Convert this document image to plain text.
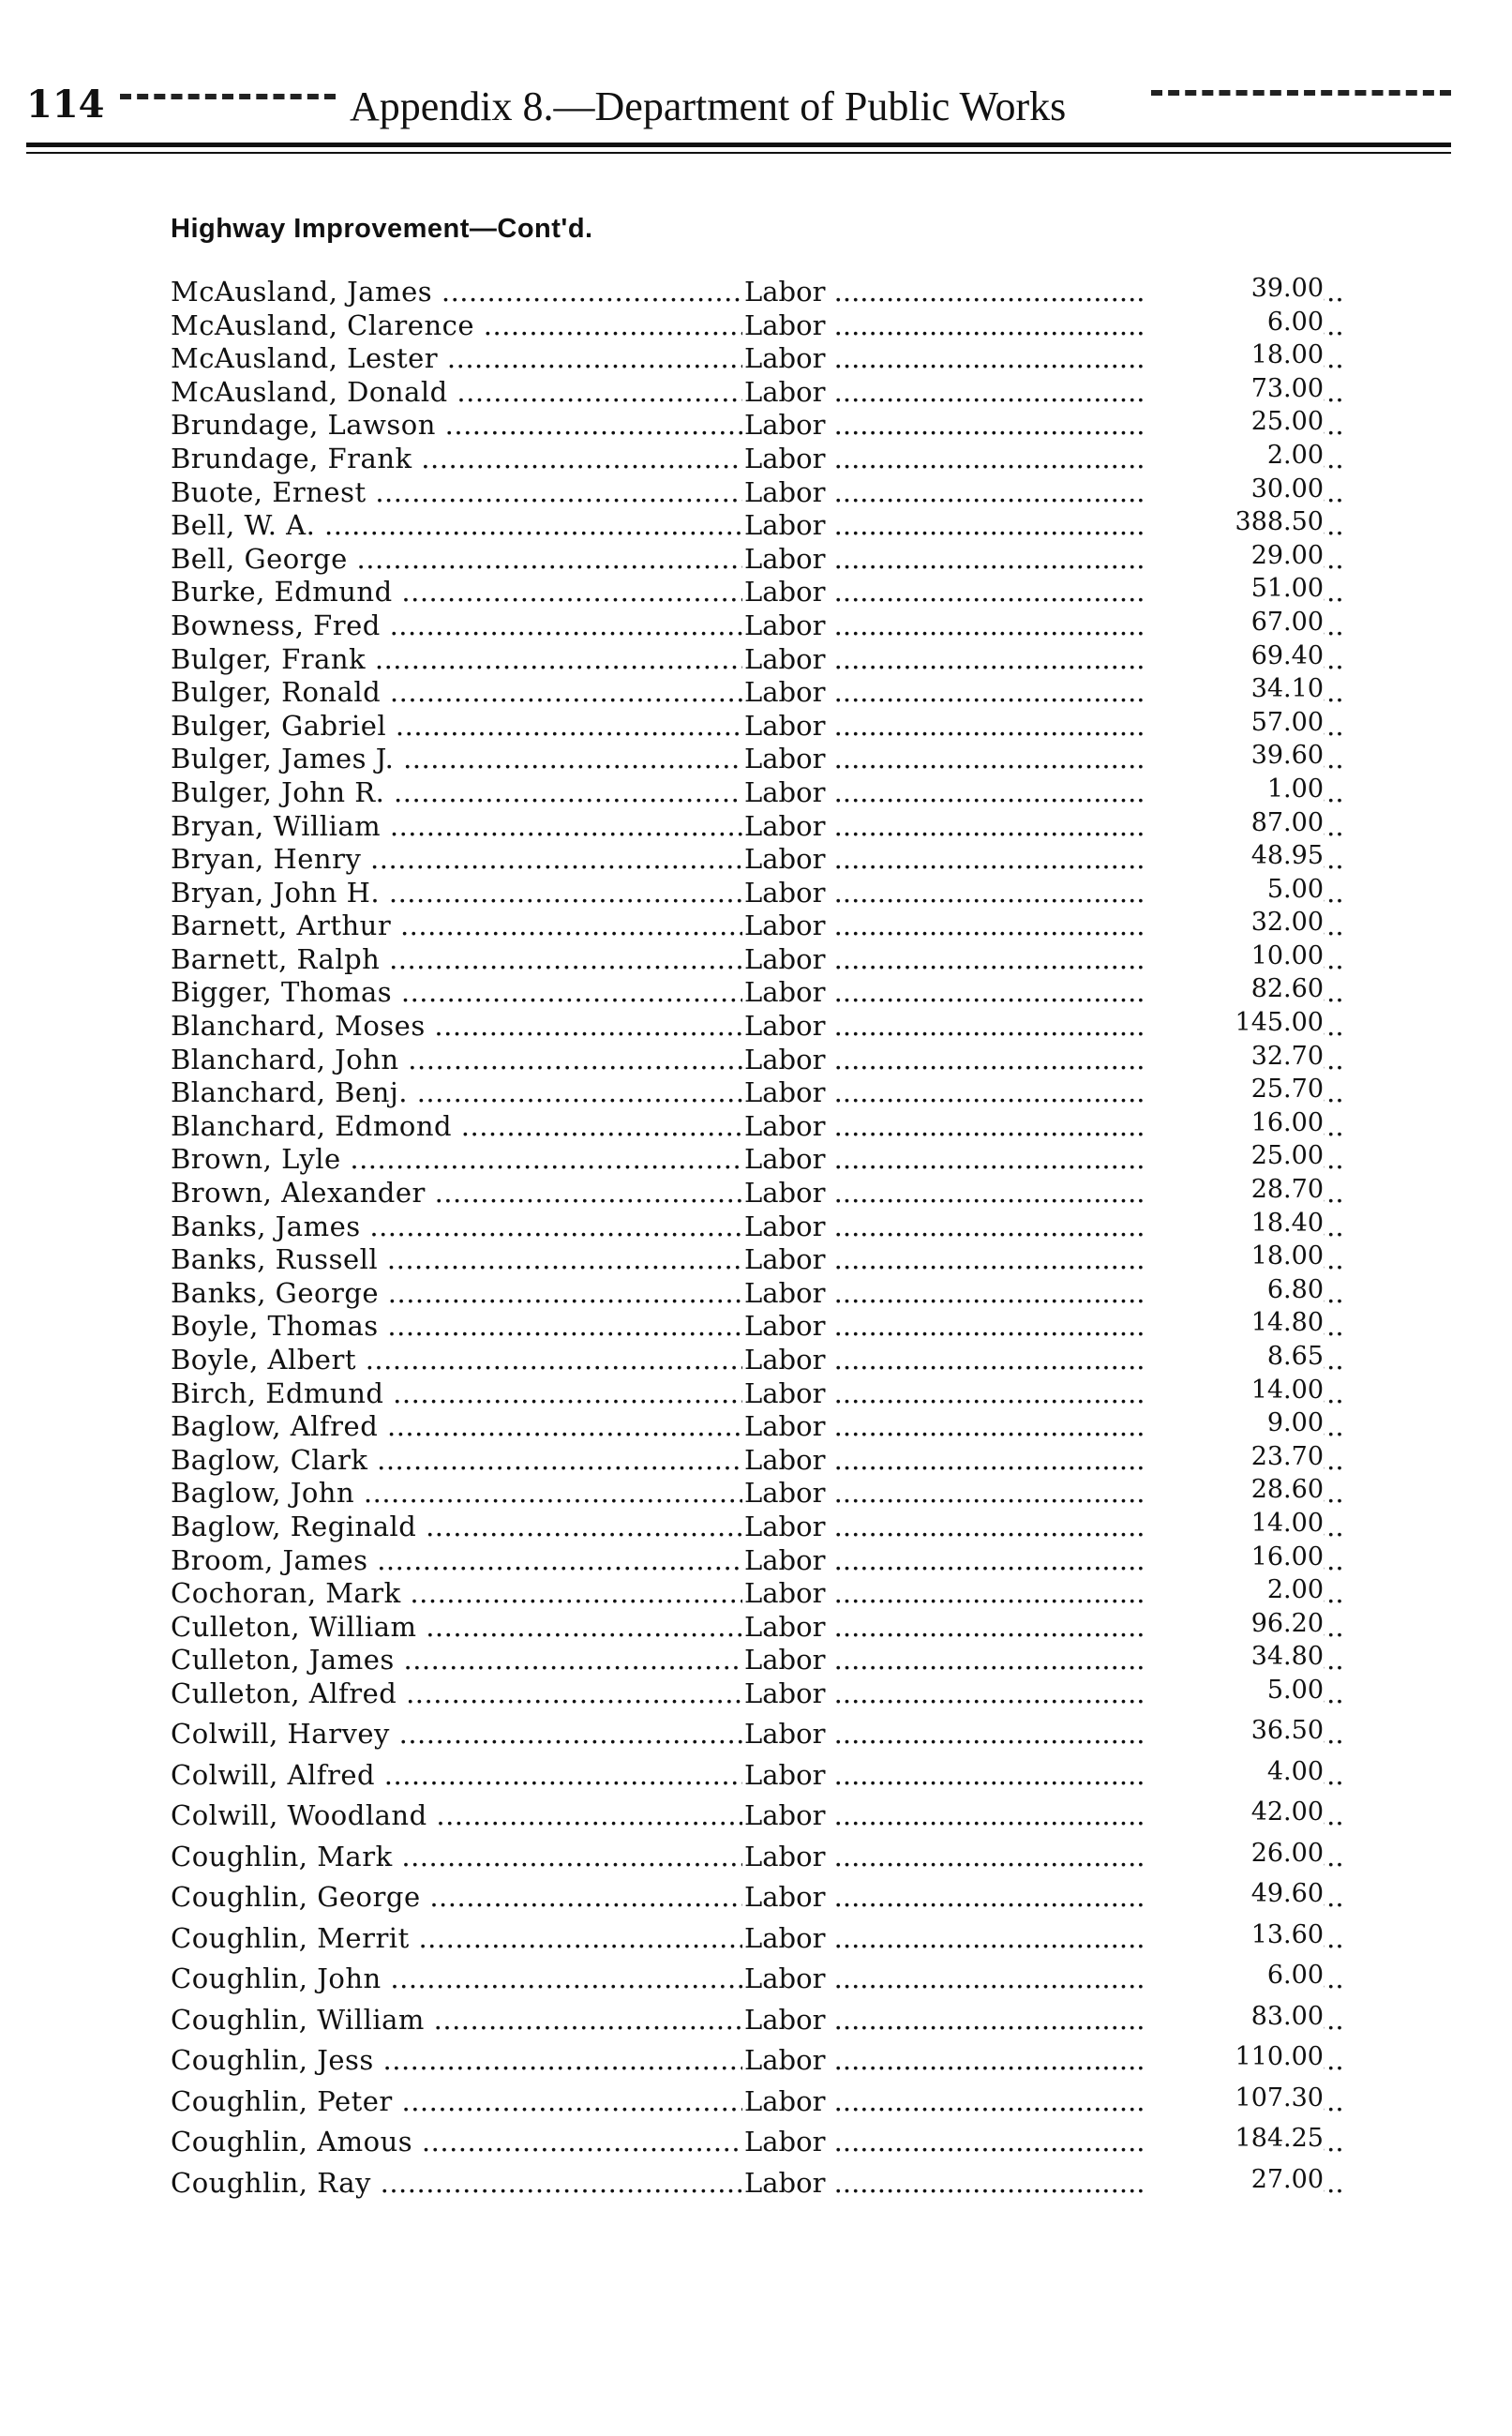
114	Appendix 8.—Department of Public Works
Highway Improvement—Cont'd.
McAusland, James .....	Labor .....	39.00
McAusland, Clarence .....	Labor .....	6.00
McAusland, Lester .....	Labor .....	18.00
McAusland, Donald .....	Labor .....	73.00
Brundage, Lawson .....	Labor .....	25.00
Brundage, Frank .....	Labor .....	2.00
Buote, Ernest .....	Labor .....	30.00
Bell, W. A. .....	Labor .....	388.50
Bell, George .....	Labor .....	29.00
Burke, Edmund .....	Labor .....	51.00
Bowness, Fred .....	Labor .....	67.00
Bulger, Frank .....	Labor .....	69.40
Bulger, Ronald .....	Labor .....	34.10
Bulger, Gabriel .....	Labor .....	57.00
Bulger, James J. .....	Labor .....	39.60
Bulger, John R. .....	Labor .....	1.00
Bryan, William .....	Labor .....	87.00
Bryan, Henry .....	Labor .....	48.95
Bryan, John H. .....	Labor .....	5.00
Barnett, Arthur .....	Labor .....	32.00
Barnett, Ralph .....	Labor .....	10.00
Bigger, Thomas .....	Labor .....	82.60
Blanchard, Moses .....	Labor .....	145.00
Blanchard, John .....	Labor .....	32.70
Blanchard, Benj. .....	Labor .....	25.70
Blanchard, Edmond .....	Labor .....	16.00
Brown, Lyle .....	Labor .....	25.00
Brown, Alexander .....	Labor .....	28.70
Banks, James .....	Labor .....	18.40
Banks, Russell .....	Labor .....	18.00
Banks, George .....	Labor .....	6.80
Boyle, Thomas .....	Labor .....	14.80
Boyle, Albert .....	Labor .....	8.65
Birch, Edmund .....	Labor .....	14.00
Baglow, Alfred .....	Labor .....	9.00
Baglow, Clark .....	Labor .....	23.70
Baglow, John .....	Labor .....	28.60
Baglow, Reginald .....	Labor .....	14.00
Broom, James .....	Labor .....	16.00
Cochoran, Mark .....	Labor .....	2.00
Culleton, William .....	Labor .....	96.20
Culleton, James .....	Labor .....	34.80
Culleton, Alfred .....	Labor .....	5.00
Colwill, Harvey .....	Labor .....	36.50
Colwill, Alfred .....	Labor .....	4.00
Colwill, Woodland .....	Labor .....	42.00
Coughlin, Mark .....	Labor .....	26.00
Coughlin, George .....	Labor .....	49.60
Coughlin, Merrit .....	Labor .....	13.60
Coughlin, John .....	Labor .....	6.00
Coughlin, William .....	Labor .....	83.00
Coughlin, Jess .....	Labor .....	110.00
Coughlin, Peter .....	Labor .....	107.30
Coughlin, Amous .....	Labor .....	184.25
Coughlin, Ray .....	Labor .....	27.00
